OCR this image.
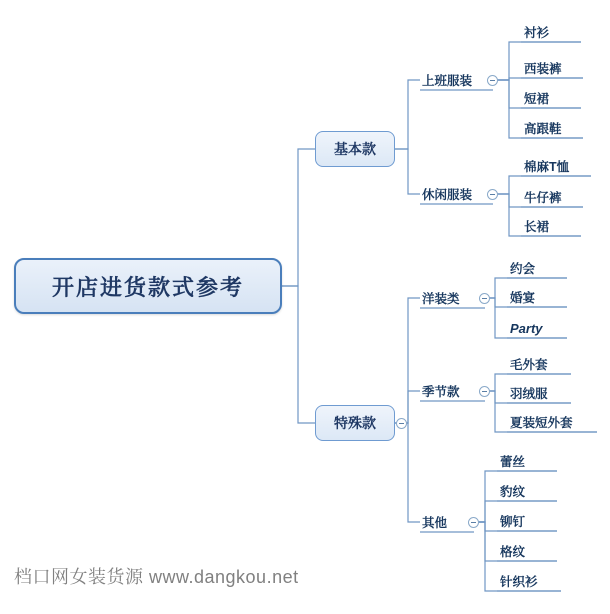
开店进货款式参考
基本款
特殊款
上班服装
休闲服装
衬衫
西装裤
短裙
高跟鞋
棉麻T恤
牛仔裤
长裙
洋装类
季节款
其他
约会
婚宴
Party
毛外套
羽绒服
夏装短外套
蕾丝
豹纹
铆钉
格纹
针织衫
档口网女装货源 www.dangkou.net
